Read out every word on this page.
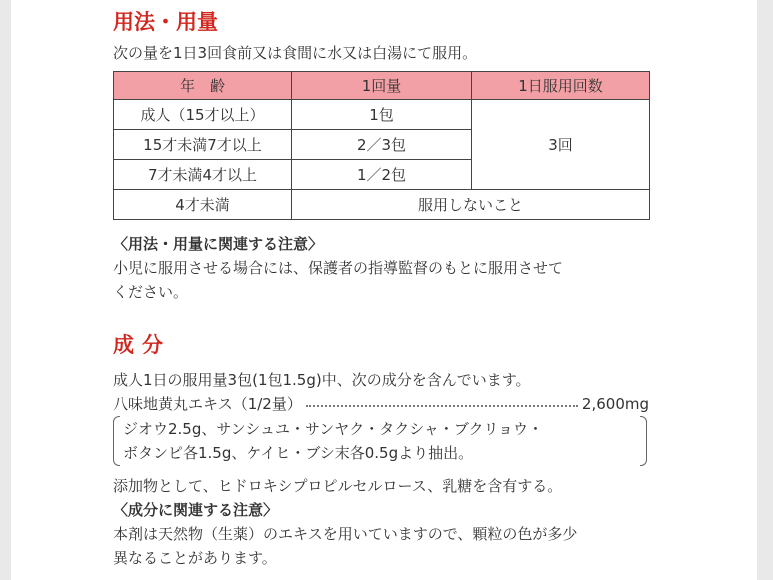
用法・用量
次の量を1日3回食前又は食間に水又は白湯にて服用。
年　齢	1回量	1日服用回数
成人（15才以上）	1包	3回
15才未満7才以上	2／3包	
7才未満4才以上	1／2包	
4才未満	服用しないこと	
〈用法・用量に関連する注意〉
小児に服用させる場合には、保護者の指導監督のもとに服用させて
ください。
成分
成人1日の服用量3包(1包1.5g)中、次の成分を含んでいます。
八味地黄丸エキス（1/2量）	2,600mg
ジオウ2.5g、サンシュユ・サンヤク・タクシャ・ブクリョウ・
ボタンピ各1.5g、ケイヒ・ブシ末各0.5gより抽出。
添加物として、ヒドロキシプロピルセルロース、乳糖を含有する。
〈成分に関連する注意〉
本剤は天然物（生薬）のエキスを用いていますので、顆粒の色が多少
異なることがあります。
